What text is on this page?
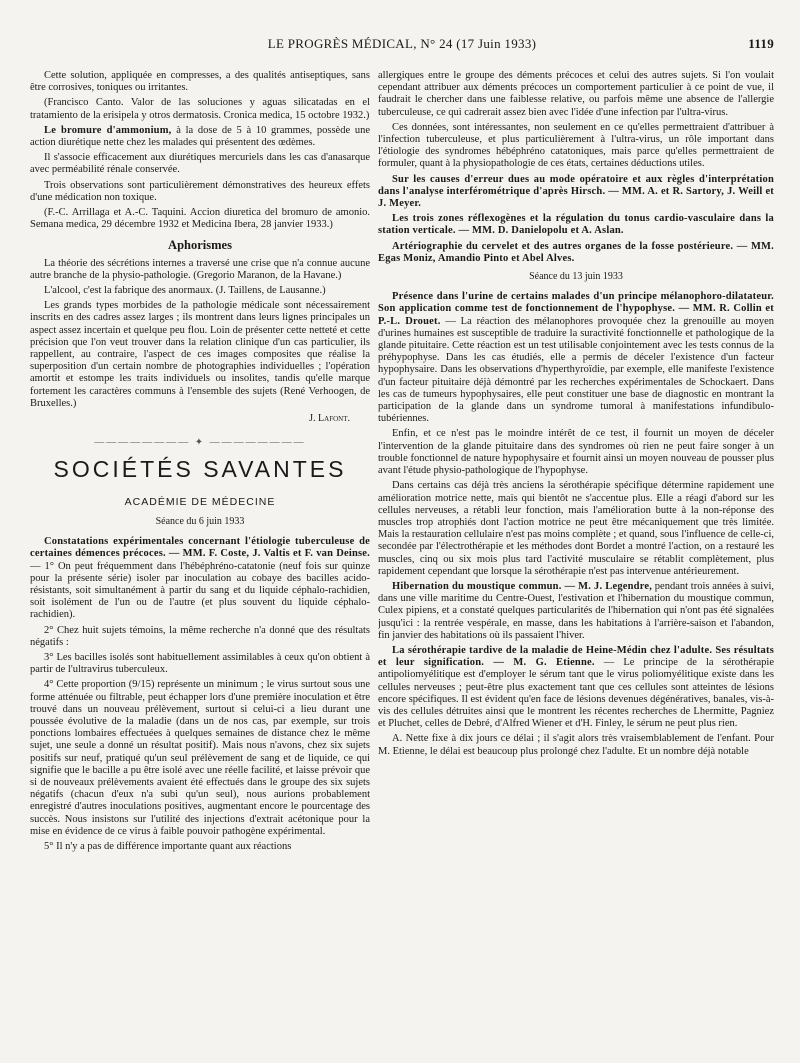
LE PROGRÈS MÉDICAL, N° 24 (17 Juin 1933)	1119

Cette solution, appliquée en compresses, a des qualités antiseptiques, sans être corrosives, toniques ou irritantes.

(Francisco Canto. Valor de las soluciones y aguas silicatadas en el tratamiento de la erisipela y otros dermatosis. Cronica medica, 15 octobre 1932.)

Le bromure d'ammonium, à la dose de 5 à 10 grammes, possède une action diurétique nette chez les malades qui présentent des œdèmes.

Il s'associe efficacement aux diurétiques mercuriels dans les cas d'anasarque avec perméabilité rénale conservée.

Trois observations sont particulièrement démonstratives des heureux effets d'une médication non toxique.

(F.-C. Arrillaga et A.-C. Taquini. Accion diuretica del bromuro de amonio. Semana medica, 29 décembre 1932 et Medicina Ibera, 28 janvier 1933.)

Aphorismes

La théorie des sécrétions internes a traversé une crise que n'a connue aucune autre branche de la physio-pathologie. (Gregorio Maranon, de la Havane.)

L'alcool, c'est la fabrique des anormaux. (J. Taillens, de Lausanne.)

Les grands types morbides de la pathologie médicale sont nécessairement inscrits en des cadres assez larges ; ils montrent dans leurs lignes principales un aspect assez incertain et quelque peu flou. Loin de présenter cette netteté et cette précision que l'on veut trouver dans la relation clinique d'un cas particulier, ils rappellent, au contraire, l'aspect de ces images composites que réalise la superposition d'un certain nombre de photographies individuelles ; l'opération amortit et estompe les traits individuels ou insolites, tandis qu'elle marque fortement les caractères communs à l'ensemble des sujets (René Verhoogen, de Bruxelles.)

J. Lafont.
———————— ✦ ————————
SOCIÉTÉS SAVANTES
ACADÉMIE DE MÉDECINE
Séance du 6 juin 1933

Constatations expérimentales concernant l'étiologie tuberculeuse de certaines démences précoces. — MM. F. Coste, J. Valtis et F. van Deinse. — 1° On peut fréquemment dans l'hébéphréno-catatonie (neuf fois sur quinze pour la présente série) isoler par inoculation au cobaye des bacilles acido-résistants, soit simultanément à partir du sang et du liquide céphalo-rachidien, soit isolément de l'un ou de l'autre (et plus souvent du liquide céphalo-rachidien).

2° Chez huit sujets témoins, la même recherche n'a donné que des résultats négatifs :

3° Les bacilles isolés sont habituellement assimilables à ceux qu'on obtient à partir de l'ultravirus tuberculeux.

4° Cette proportion (9/15) représente un minimum ; le virus surtout sous une forme atténuée ou filtrable, peut échapper lors d'une première inoculation et être trouvé dans un nouveau prélèvement, surtout si celui-ci a lieu durant une poussée évolutive de la maladie (dans un de nos cas, par exemple, sur trois ponctions lombaires effectuées à quelques semaines de distance chez le même sujet, une seule a donné un résultat positif). Mais nous n'avons, chez six sujets positifs sur neuf, pratiqué qu'un seul prélèvement de sang et de liquide, ce qui signifie que le bacille a pu être isolé avec une réelle facilité, et laisse prévoir que si de nouveaux prélèvements avaient été effectués dans le groupe des six sujets négatifs (chacun d'eux n'a subi qu'un seul), nous aurions probablement enregistré d'autres inoculations positives, augmentant encore le pourcentage des succès. Nous insistons sur l'utilité des injections d'extrait acétonique pour la mise en évidence de ce virus à faible pouvoir pathogène expérimental.

5° Il n'y a pas de différence importante quant aux réactions

allergiques entre le groupe des déments précoces et celui des autres sujets. Si l'on voulait cependant attribuer aux déments précoces un comportement particulier à ce point de vue, il faudrait le chercher dans une faiblesse relative, ou parfois même une absence de l'allergie tuberculeuse, ce qui cadrerait assez bien avec l'idée d'une infection par l'ultra-virus.

Ces données, sont intéressantes, non seulement en ce qu'elles permettraient d'attribuer à l'infection tuberculeuse, et plus particulièrement à l'ultra-virus, un rôle important dans l'étiologie des syndromes hébéphréno catatoniques, mais parce qu'elles permettraient de formuler, quant à la physiopathologie de ces états, certaines déductions utiles.

Sur les causes d'erreur dues au mode opératoire et aux règles d'interprétation dans l'analyse interférométrique d'après Hirsch. — MM. A. et R. Sartory, J. Weill et J. Meyer.

Les trois zones réflexogènes et la régulation du tonus cardio-vasculaire dans la station verticale. — MM. D. Danielopolu et A. Aslan.

Artériographie du cervelet et des autres organes de la fosse postérieure. — MM. Egas Moniz, Amandio Pinto et Abel Alves.

Séance du 13 juin 1933

Présence dans l'urine de certains malades d'un principe mélanophoro-dilatateur. Son application comme test de fonctionnement de l'hypophyse. — MM. R. Collin et P.-L. Drouet. — La réaction des mélanophores provoquée chez la grenouille au moyen d'urines humaines est susceptible de traduire la suractivité fonctionnelle et pathologique de la glande pituitaire. Cette réaction est un test utilisable conjointement avec les tests connus de la préhypophyse. Dans les cas étudiés, elle a permis de déceler l'existence d'un facteur hypophysaire. Dans les observations d'hyperthyroïdie, par exemple, elle manifeste l'existence d'un facteur pituitaire déjà démontré par les recherches expérimentales de Schockaert. Dans les cas de tumeurs hypophysaires, elle peut constituer une base de diagnostic en montrant la participation de la glande dans un syndrome tumoral à manifestations infundibulo-tubériennes.

Enfin, et ce n'est pas le moindre intérêt de ce test, il fournit un moyen de déceler l'intervention de la glande pituitaire dans des syndromes où rien ne peut faire songer à un trouble fonctionnel de nature hypophysaire et fournit ainsi un moyen nouveau de pousser plus avant l'étude physio-pathologique de l'hypophyse.

Dans certains cas déjà très anciens la sérothérapie spécifique détermine rapidement une amélioration motrice nette, mais qui bientôt ne s'accentue plus. Elle a réagi d'abord sur les cellules nerveuses, a rétabli leur fonction, mais l'amélioration butte à la non-réponse des muscles trop atrophiés dont l'action motrice ne peut être mécaniquement que très limitée. Mais la restauration cellulaire n'est pas moins complète ; et quand, sous l'influence de celle-ci, secondée par l'électrothérapie et les méthodes dont Bordet a montré l'action, on a restauré les muscles, cinq ou six mois plus tard l'activité musculaire se rétablit complètement, plus rapidement cependant que lorsque la sérothérapie n'est pas intervenue antérieurement.

Hibernation du moustique commun. — M. J. Legendre, pendant trois années à suivi, dans une ville maritime du Centre-Ouest, l'estivation et l'hibernation du moustique commun, Culex pipiens, et a constaté quelques particularités de l'hibernation qui n'ont pas été signalées jusqu'ici : la rentrée vespérale, en masse, dans les habitations à l'arrière-saison et l'abandon, fin janvier des habitations où ils passaient l'hiver.

La sérothérapie tardive de la maladie de Heine-Médin chez l'adulte. Ses résultats et leur signification. — M. G. Etienne. — Le principe de la sérothérapie antipoliomyélitique est d'employer le sérum tant que le virus poliomyélitique existe dans les cellules nerveuses ; peut-être plus exactement tant que ces cellules sont atteintes de lésions encore spécifiques. Il est évident qu'en face de lésions devenues dégénératives, banales, vis-à-vis des cellules détruites ainsi que le montrent les récentes recherches de Lhermitte, Pagniez et Pluchet, celles de Debré, d'Alfred Wiener et d'H. Finley, le sérum ne peut plus rien.

A. Nette fixe à dix jours ce délai ; il s'agit alors très vraisemblablement de l'enfant. Pour M. Etienne, le délai est beaucoup plus prolongé chez l'adulte. Et un nombre déjà notable
